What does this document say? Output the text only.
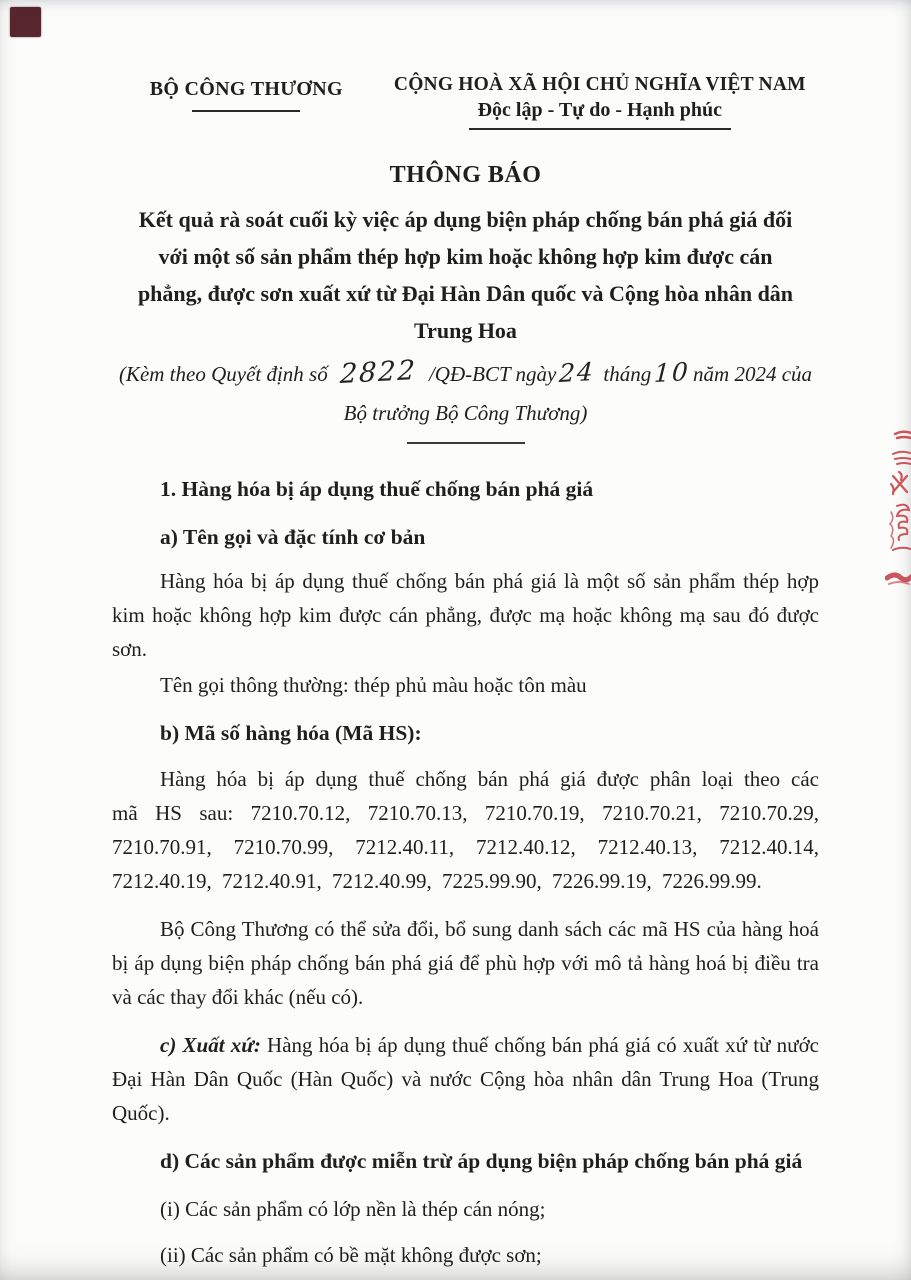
BỘ CÔNG THƯƠNG	CỘNG HOÀ XÃ HỘI CHỦ NGHĨA VIỆT NAM
Độc lập - Tự do - Hạnh phúc
THÔNG BÁO
Kết quả rà soát cuối kỳ việc áp dụng biện pháp chống bán phá giá đối với một số sản phẩm thép hợp kim hoặc không hợp kim được cán phẳng, được sơn xuất xứ từ Đại Hàn Dân quốc và Cộng hòa nhân dân Trung Hoa
(Kèm theo Quyết định số 2822 /QĐ-BCT ngày24 tháng10 năm 2024 của
Bộ trưởng Bộ Công Thương)
1. Hàng hóa bị áp dụng thuế chống bán phá giá
a) Tên gọi và đặc tính cơ bản

Hàng hóa bị áp dụng thuế chống bán phá giá là một số sản phẩm thép hợp kim hoặc không hợp kim được cán phẳng, được mạ hoặc không mạ sau đó được sơn.

Tên gọi thông thường: thép phủ màu hoặc tôn màu

b) Mã số hàng hóa (Mã HS):

Hàng hóa bị áp dụng thuế chống bán phá giá được phân loại theo các mã HS sau: 7210.70.12, 7210.70.13, 7210.70.19, 7210.70.21, 7210.70.29, 7210.70.91, 7210.70.99, 7212.40.11, 7212.40.12, 7212.40.13, 7212.40.14, 7212.40.19, 7212.40.91, 7212.40.99, 7225.99.90, 7226.99.19, 7226.99.99.

Bộ Công Thương có thể sửa đổi, bổ sung danh sách các mã HS của hàng hoá bị áp dụng biện pháp chống bán phá giá để phù hợp với mô tả hàng hoá bị điều tra và các thay đổi khác (nếu có).

c) Xuất xứ: Hàng hóa bị áp dụng thuế chống bán phá giá có xuất xứ từ nước Đại Hàn Dân Quốc (Hàn Quốc) và nước Cộng hòa nhân dân Trung Hoa (Trung Quốc).

d) Các sản phẩm được miễn trừ áp dụng biện pháp chống bán phá giá

(i) Các sản phẩm có lớp nền là thép cán nóng;

(ii) Các sản phẩm có bề mặt không được sơn;
